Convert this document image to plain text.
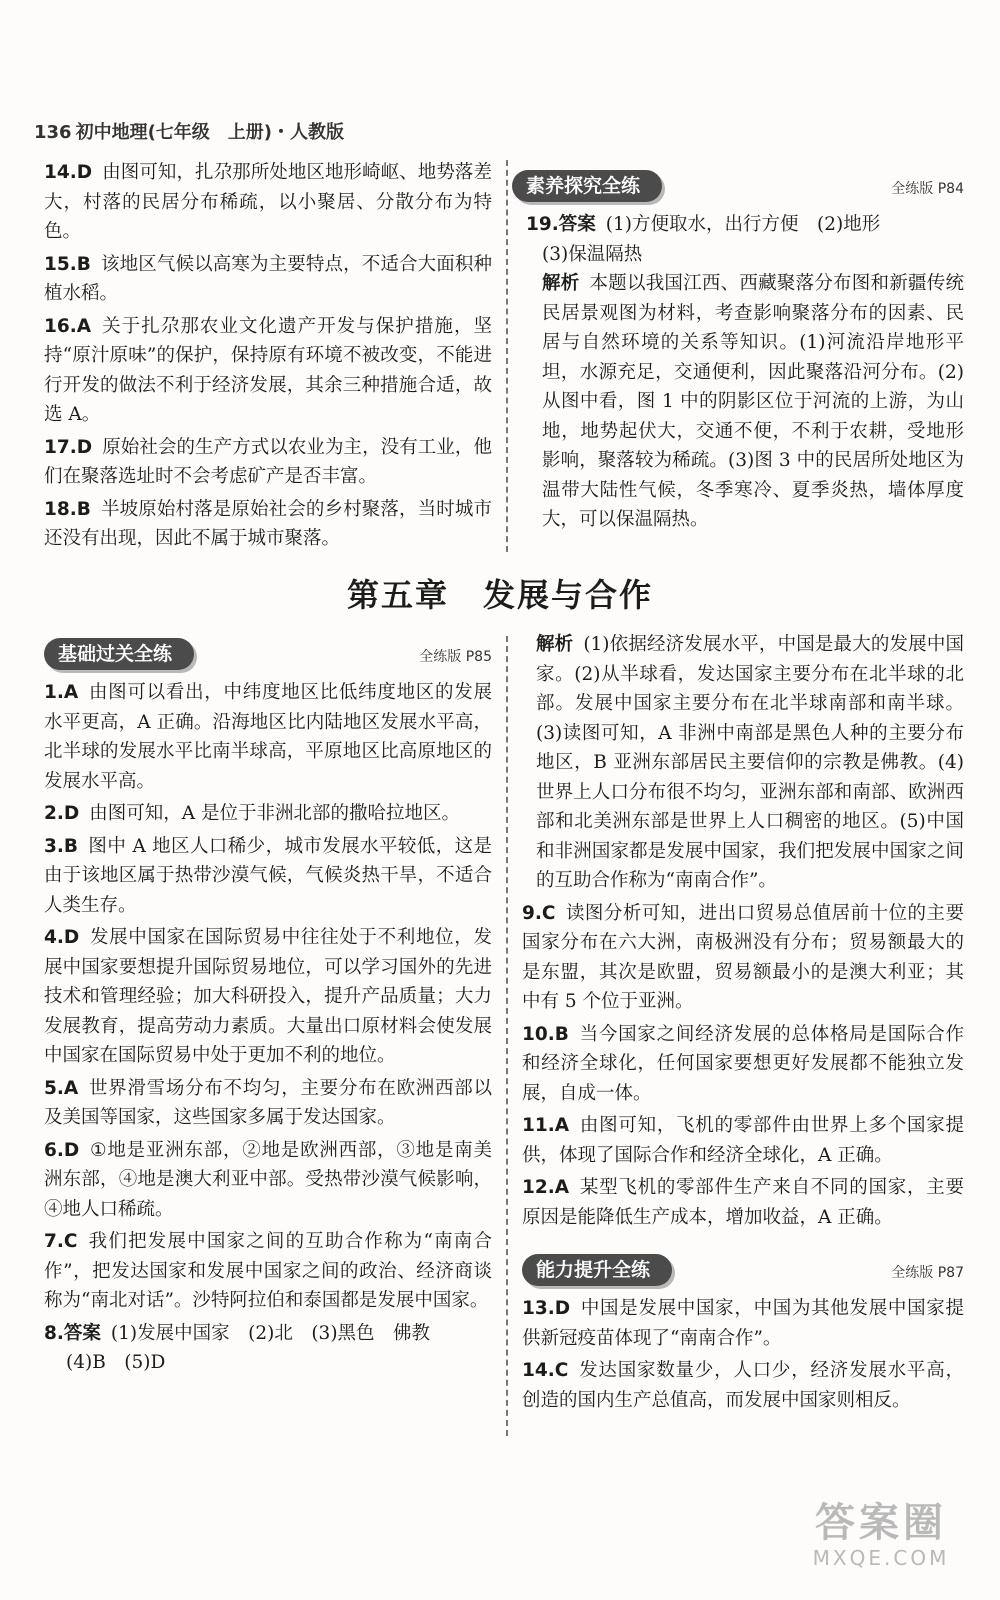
136 初中地理(七年级　上册)・人教版

14.D 由图可知，扎尕那所处地区地形崎岖、地势落差大，村落的民居分布稀疏，以小聚居、分散分布为特色。

15.B 该地区气候以高寒为主要特点，不适合大面积种植水稻。

16.A 关于扎尕那农业文化遗产开发与保护措施，坚持“原汁原味”的保护，保持原有环境不被改变，不能进行开发的做法不利于经济发展，其余三种措施合适，故选 A。

17.D 原始社会的生产方式以农业为主，没有工业，他们在聚落选址时不会考虑矿产是否丰富。

18.B 半坡原始村落是原始社会的乡村聚落，当时城市还没有出现，因此不属于城市聚落。

素养探究全练	全练版 P84
19.答案 (1)方便取水，出行方便　(2)地形
(3)保温隔热
解析 本题以我国江西、西藏聚落分布图和新疆传统民居景观图为材料，考查影响聚落分布的因素、民居与自然环境的关系等知识。(1)河流沿岸地形平坦，水源充足，交通便利，因此聚落沿河分布。(2)从图中看，图 1 中的阴影区位于河流的上游，为山地，地势起伏大，交通不便，不利于农耕，受地形影响，聚落较为稀疏。(3)图 3 中的民居所处地区为温带大陆性气候，冬季寒冷、夏季炎热，墙体厚度大，可以保温隔热。
第五章　发展与合作
基础过关全练	全练版 P85

1.A 由图可以看出，中纬度地区比低纬度地区的发展水平更高，A 正确。沿海地区比内陆地区发展水平高，北半球的发展水平比南半球高，平原地区比高原地区的发展水平高。

2.D 由图可知，A 是位于非洲北部的撒哈拉地区。

3.B 图中 A 地区人口稀少，城市发展水平较低，这是由于该地区属于热带沙漠气候，气候炎热干旱，不适合人类生存。

4.D 发展中国家在国际贸易中往往处于不利地位，发展中国家要想提升国际贸易地位，可以学习国外的先进技术和管理经验；加大科研投入，提升产品质量；大力发展教育，提高劳动力素质。大量出口原材料会使发展中国家在国际贸易中处于更加不利的地位。

5.A 世界滑雪场分布不均匀，主要分布在欧洲西部以及美国等国家，这些国家多属于发达国家。

6.D ①地是亚洲东部，②地是欧洲西部，③地是南美洲东部，④地是澳大利亚中部。受热带沙漠气候影响，④地人口稀疏。

7.C 我们把发展中国家之间的互助合作称为“南南合作”，把发达国家和发展中国家之间的政治、经济商谈称为“南北对话”。沙特阿拉伯和泰国都是发展中国家。

8.答案 (1)发展中国家　(2)北　(3)黑色　佛教
(4)B　(5)D

解析 (1)依据经济发展水平，中国是最大的发展中国家。(2)从半球看，发达国家主要分布在北半球的北部。发展中国家主要分布在北半球南部和南半球。(3)读图可知，A 非洲中南部是黑色人种的主要分布地区，B 亚洲东部居民主要信仰的宗教是佛教。(4)世界上人口分布很不均匀，亚洲东部和南部、欧洲西部和北美洲东部是世界上人口稠密的地区。(5)中国和非洲国家都是发展中国家，我们把发展中国家之间的互助合作称为“南南合作”。

9.C 读图分析可知，进出口贸易总值居前十位的主要国家分布在六大洲，南极洲没有分布；贸易额最大的是东盟，其次是欧盟，贸易额最小的是澳大利亚；其中有 5 个位于亚洲。

10.B 当今国家之间经济发展的总体格局是国际合作和经济全球化，任何国家要想更好发展都不能独立发展，自成一体。

11.A 由图可知，飞机的零部件由世界上多个国家提供，体现了国际合作和经济全球化，A 正确。

12.A 某型飞机的零部件生产来自不同的国家，主要原因是能降低生产成本，增加收益，A 正确。

能力提升全练	全练版 P87

13.D 中国是发展中国家，中国为其他发展中国家提供新冠疫苗体现了“南南合作”。

14.C 发达国家数量少，人口少，经济发展水平高，创造的国内生产总值高，而发展中国家则相反。

答案圈
MXQE.COM
